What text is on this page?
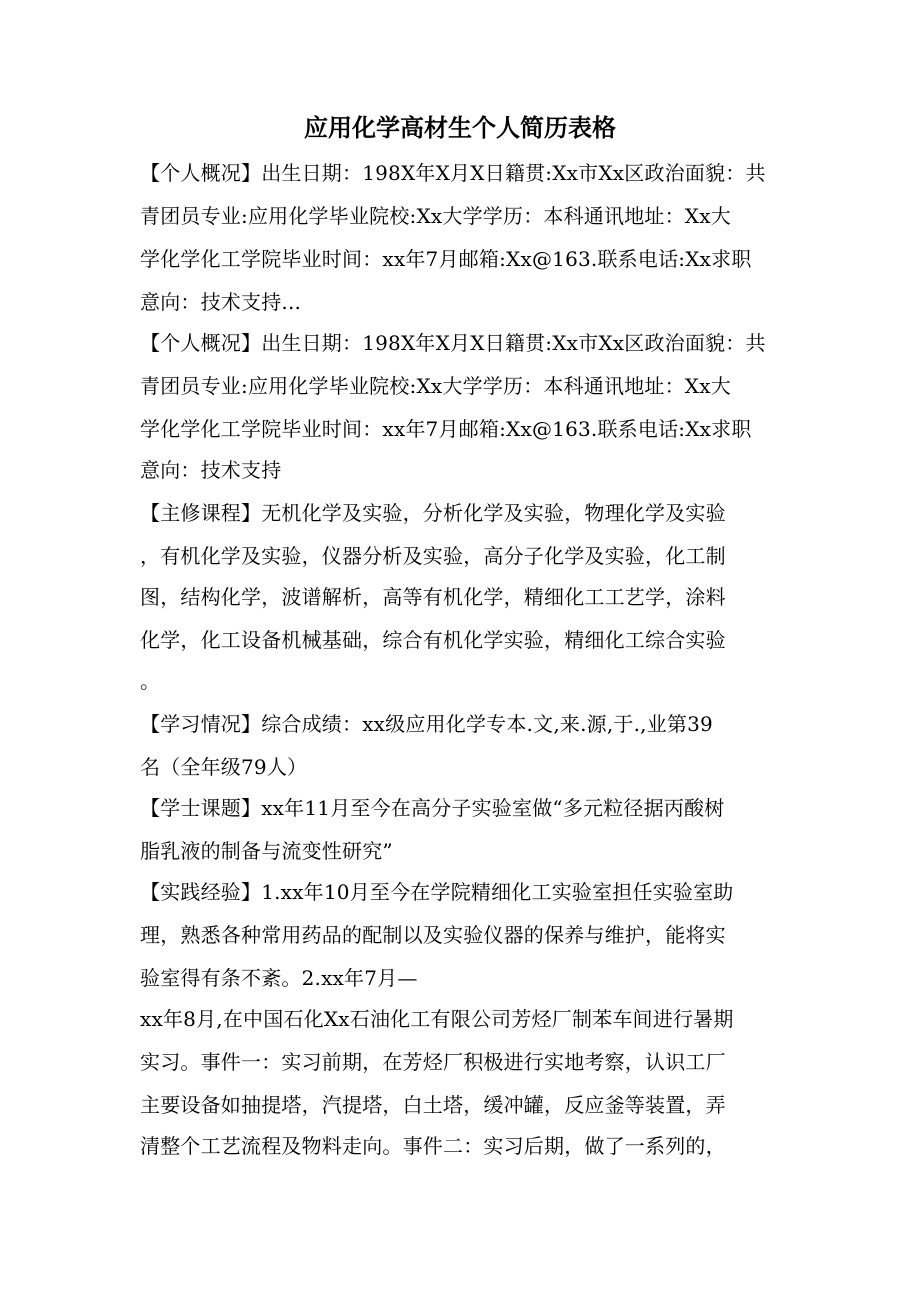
应用化学高材生个人简历表格
【个人概况】出生日期：198X年X月X日籍贯:Xx市Xx区政治面貌：共
青团员专业:应用化学毕业院校:Xx大学学历：本科通讯地址：Xx大
学化学化工学院毕业时间：xx年7月邮箱:Xx@163.联系电话:Xx求职
意向：技术支持...
【个人概况】出生日期：198X年X月X日籍贯:Xx市Xx区政治面貌：共
青团员专业:应用化学毕业院校:Xx大学学历：本科通讯地址：Xx大
学化学化工学院毕业时间：xx年7月邮箱:Xx@163.联系电话:Xx求职
意向：技术支持
【主修课程】无机化学及实验，分析化学及实验，物理化学及实验
，有机化学及实验，仪器分析及实验，高分子化学及实验，化工制
图，结构化学，波谱解析，高等有机化学，精细化工工艺学，涂料
化学，化工设备机械基础，综合有机化学实验，精细化工综合实验
。
【学习情况】综合成绩：xx级应用化学专本.文,来.源,于.,业第39
名（全年级79人）
【学士课题】xx年11月至今在高分子实验室做“多元粒径据丙酸树
脂乳液的制备与流变性研究”
【实践经验】1.xx年10月至今在学院精细化工实验室担任实验室助
理，熟悉各种常用药品的配制以及实验仪器的保养与维护，能将实
验室得有条不紊。2.xx年7月—
xx年8月,在中国石化Xx石油化工有限公司芳烃厂制苯车间进行暑期
实习。事件一：实习前期，在芳烃厂积极进行实地考察，认识工厂
主要设备如抽提塔，汽提塔，白土塔，缓冲罐，反应釜等装置，弄
清整个工艺流程及物料走向。事件二：实习后期，做了一系列的，
